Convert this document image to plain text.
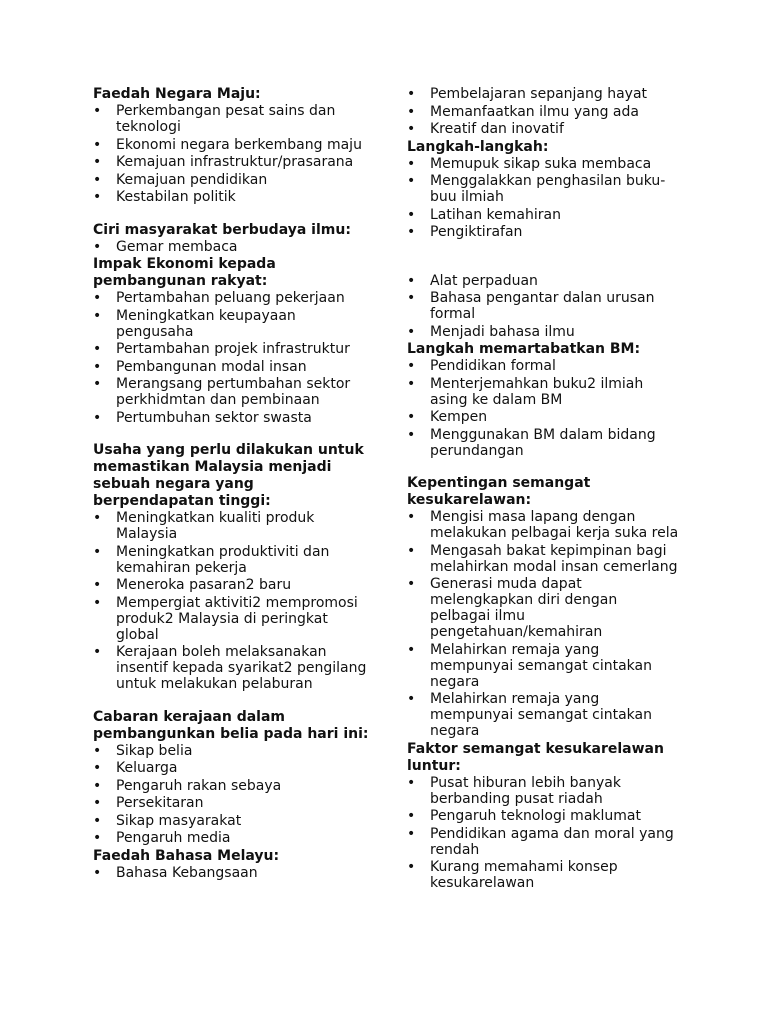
Faedah Negara Maju:

• Perkembangan pesat sains dan teknologi
• Ekonomi negara berkembang maju
• Kemajuan infrastruktur/prasarana
• Kemajuan pendidikan
• Kestabilan politik

Ciri masyarakat berbudaya ilmu:

• Gemar membaca

Impak Ekonomi kepada pembangunan rakyat:

• Pertambahan peluang pekerjaan
• Meningkatkan keupayaan pengusaha
• Pertambahan projek infrastruktur
• Pembangunan modal insan
• Merangsang pertumbahan sektor perkhidmtan dan pembinaan
• Pertumbuhan sektor swasta

Usaha yang perlu dilakukan untuk memastikan Malaysia menjadi sebuah negara yang berpendapatan tinggi:

• Meningkatkan kualiti produk Malaysia
• Meningkatkan produktiviti dan kemahiran pekerja
• Meneroka pasaran2 baru
• Mempergiat aktiviti2 mempromosi produk2 Malaysia di peringkat global
• Kerajaan boleh melaksanakan insentif kepada syarikat2 pengilang untuk melakukan pelaburan

Cabaran kerajaan dalam pembangunkan belia pada hari ini:

• Sikap belia
• Keluarga
• Pengaruh rakan sebaya
• Persekitaran
• Sikap masyarakat
• Pengaruh media

Faedah Bahasa Melayu:

• Bahasa Kebangsaan
• Pembelajaran sepanjang hayat
• Memanfaatkan ilmu yang ada
• Kreatif dan inovatif

Langkah-langkah:

• Memupuk sikap suka membaca
• Menggalakkan penghasilan buku-buu ilmiah
• Latihan kemahiran
• Pengiktirafan
• Alat perpaduan
• Bahasa pengantar dalan urusan formal
• Menjadi bahasa ilmu

Langkah memartabatkan BM:

• Pendidikan formal
• Menterjemahkan buku2 ilmiah asing ke dalam BM
• Kempen
• Menggunakan BM dalam bidang perundangan

Kepentingan semangat kesukarelawan:

• Mengisi masa lapang dengan melakukan pelbagai kerja suka rela
• Mengasah bakat kepimpinan bagi melahirkan modal insan cemerlang
• Generasi muda dapat melengkapkan diri dengan pelbagai ilmu pengetahuan/kemahiran
• Melahirkan remaja yang mempunyai semangat cintakan negara
• Melahirkan remaja yang mempunyai semangat cintakan negara

Faktor semangat kesukarelawan luntur:

• Pusat hiburan lebih banyak berbanding pusat riadah
• Pengaruh teknologi maklumat
• Pendidikan agama dan moral yang rendah
• Kurang memahami konsep kesukarelawan
